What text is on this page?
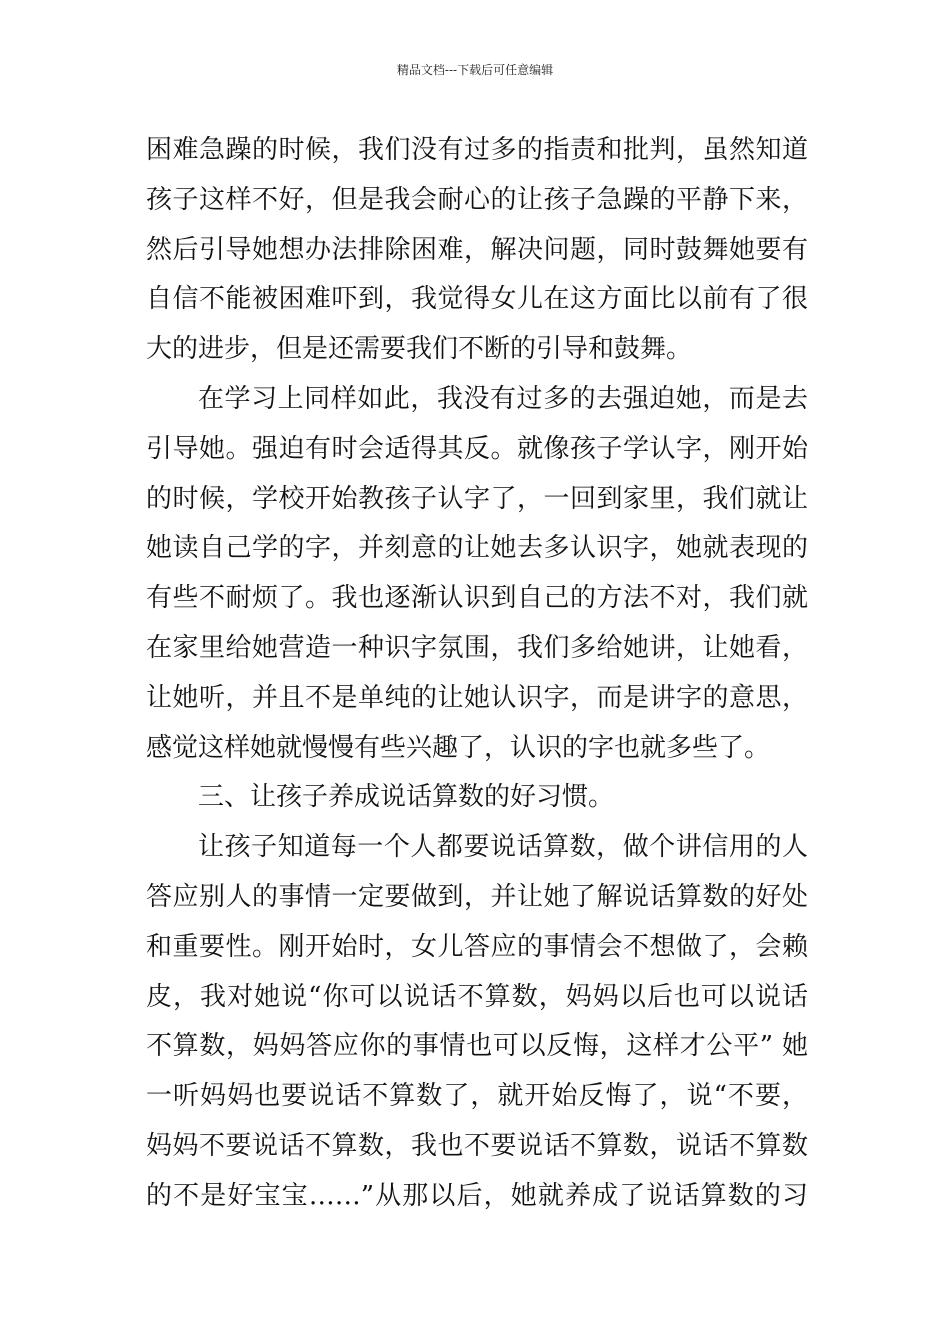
精品文档---下载后可任意编辑
困难急躁的时候，我们没有过多的指责和批判，虽然知道
孩子这样不好，但是我会耐心的让孩子急躁的平静下来，
然后引导她想办法排除困难，解决问题，同时鼓舞她要有
自信不能被困难吓到，我觉得女儿在这方面比以前有了很
大的进步，但是还需要我们不断的引导和鼓舞。
在学习上同样如此，我没有过多的去强迫她，而是去
引导她。强迫有时会适得其反。就像孩子学认字，刚开始
的时候，学校开始教孩子认字了，一回到家里，我们就让
她读自己学的字，并刻意的让她去多认识字，她就表现的
有些不耐烦了。我也逐渐认识到自己的方法不对，我们就
在家里给她营造一种识字氛围，我们多给她讲，让她看，
让她听，并且不是单纯的让她认识字，而是讲字的意思，
感觉这样她就慢慢有些兴趣了，认识的字也就多些了。
三、让孩子养成说话算数的好习惯。
让孩子知道每一个人都要说话算数，做个讲信用的人
答应别人的事情一定要做到，并让她了解说话算数的好处
和重要性。刚开始时，女儿答应的事情会不想做了，会赖
皮，我对她说“你可以说话不算数，妈妈以后也可以说话
不算数，妈妈答应你的事情也可以反悔，这样才公平” 她
一听妈妈也要说话不算数了，就开始反悔了，说“不要，
妈妈不要说话不算数，我也不要说话不算数，说话不算数
的不是好宝宝……”从那以后，她就养成了说话算数的习
